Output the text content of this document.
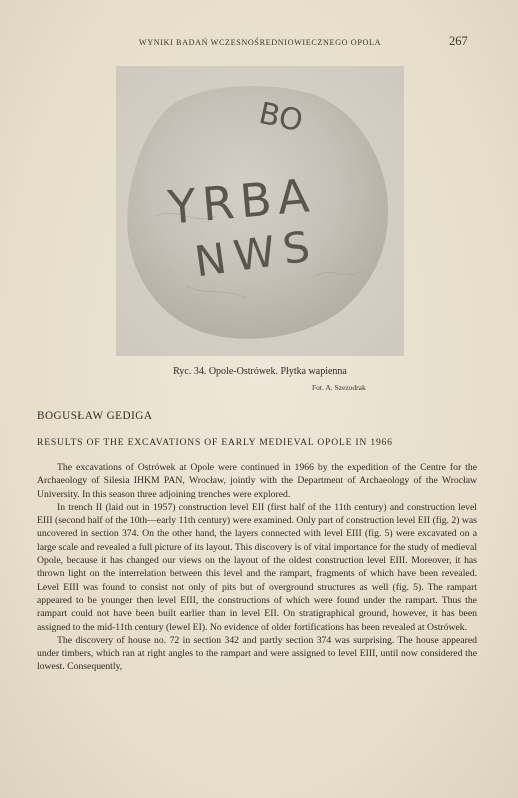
WYNIKI BADAŃ WCZESNOŚREDNIOWIECZNEGO OPOLA	267
BO
YRBA
NWS
Ryc. 34. Opole-Ostrówek. Płytka wapienna
Fot. A. Szezodrak
BOGUSŁAW GEDIGA
RESULTS OF THE EXCAVATIONS OF EARLY MEDIEVAL OPOLE IN 1966

The excavations of Ostrówek at Opole were continued in 1966 by the expedition of the Centre for the Archaeology of Silesia IHKM PAN, Wrocław, jointly with the Department of Archaeology of the Wrocław University. In this season three adjoining trenches were explored.

In trench II (laid out in 1957) construction level EII (first half of the 11th century) and construction level EIII (second half of the 10th—early 11th century) were examined. Only part of construction level EII (fig. 2) was uncovered in section 374. On the other hand, the layers connected with level EIII (fig. 5) were excavated on a large scale and revealed a full picture of its layout. This discovery is of vital importance for the study of medieval Opole, because it has changed our views on the layout of the oldest construction level EIII. Moreover, it has thrown light on the interrelation between this level and the rampart, fragments of which have been revealed. Level EIII was found to consist not only of pits but of overground structures as well (fig. 5). The rampart appeared to be younger then level EIII, the constructions of which were found under the rampart. Thus the rampart could not have been built earlier than in level EII. On stratigraphical ground, however, it has been assigned to the mid-11th century (lewel EI). No evidence of older fortifications has been revealed at Ostrówek.

The discovery of house no. 72 in section 342 and partly section 374 was surprising. The house appeared under timbers, which ran at right angles to the rampart and were assigned to level EIII, until now considered the lowest. Consequently,
